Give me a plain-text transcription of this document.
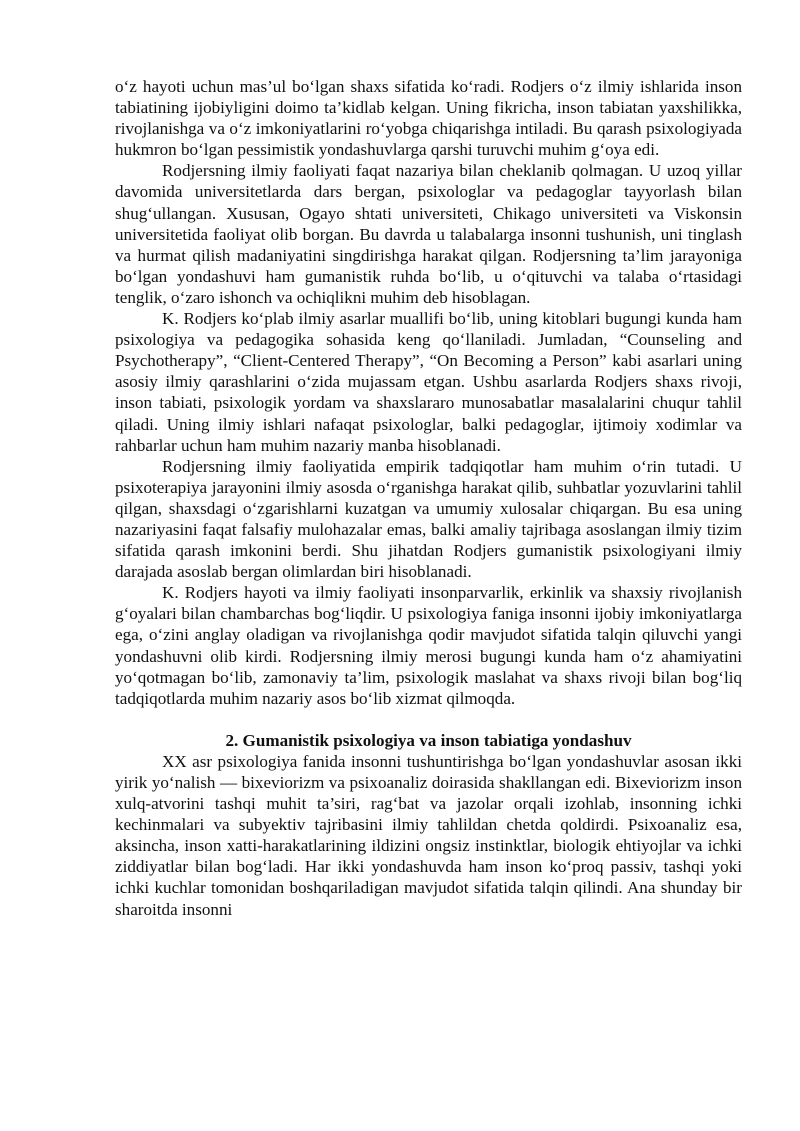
o‘z hayoti uchun mas’ul bo‘lgan shaxs sifatida ko‘radi. Rodjers o‘z ilmiy ishlarida inson tabiatining ijobiyligini doimo ta’kidlab kelgan. Uning fikricha, inson tabiatan yaxshilikka, rivojlanishga va o‘z imkoniyatlarini ro‘yobga chiqarishga intiladi. Bu qarash psixologiyada hukmron bo‘lgan pessimistik yondashuvlarga qarshi turuvchi muhim g‘oya edi.

Rodjersning ilmiy faoliyati faqat nazariya bilan cheklanib qolmagan. U uzoq yillar davomida universitetlarda dars bergan, psixologlar va pedagoglar tayyorlash bilan shug‘ullangan. Xususan, Ogayo shtati universiteti, Chikago universiteti va Viskonsin universitetida faoliyat olib borgan. Bu davrda u talabalarga insonni tushunish, uni tinglash va hurmat qilish madaniyatini singdirishga harakat qilgan. Rodjersning ta’lim jarayoniga bo‘lgan yondashuvi ham gumanistik ruhda bo‘lib, u o‘qituvchi va talaba o‘rtasidagi tenglik, o‘zaro ishonch va ochiqlikni muhim deb hisoblagan.

K. Rodjers ko‘plab ilmiy asarlar muallifi bo‘lib, uning kitoblari bugungi kunda ham psixologiya va pedagogika sohasida keng qo‘llaniladi. Jumladan, “Counseling and Psychotherapy”, “Client-Centered Therapy”, “On Becoming a Person” kabi asarlari uning asosiy ilmiy qarashlarini o‘zida mujassam etgan. Ushbu asarlarda Rodjers shaxs rivoji, inson tabiati, psixologik yordam va shaxslararo munosabatlar masalalarini chuqur tahlil qiladi. Uning ilmiy ishlari nafaqat psixologlar, balki pedagoglar, ijtimoiy xodimlar va rahbarlar uchun ham muhim nazariy manba hisoblanadi.

Rodjersning ilmiy faoliyatida empirik tadqiqotlar ham muhim o‘rin tutadi. U psixoterapiya jarayonini ilmiy asosda o‘rganishga harakat qilib, suhbatlar yozuvlarini tahlil qilgan, shaxsdagi o‘zgarishlarni kuzatgan va umumiy xulosalar chiqargan. Bu esa uning nazariyasini faqat falsafiy mulohazalar emas, balki amaliy tajribaga asoslangan ilmiy tizim sifatida qarash imkonini berdi. Shu jihatdan Rodjers gumanistik psixologiyani ilmiy darajada asoslab bergan olimlardan biri hisoblanadi.

K. Rodjers hayoti va ilmiy faoliyati insonparvarlik, erkinlik va shaxsiy rivojlanish g‘oyalari bilan chambarchas bog‘liqdir. U psixologiya faniga insonni ijobiy imkoniyatlarga ega, o‘zini anglay oladigan va rivojlanishga qodir mavjudot sifatida talqin qiluvchi yangi yondashuvni olib kirdi. Rodjersning ilmiy merosi bugungi kunda ham o‘z ahamiyatini yo‘qotmagan bo‘lib, zamonaviy ta’lim, psixologik maslahat va shaxs rivoji bilan bog‘liq tadqiqotlarda muhim nazariy asos bo‘lib xizmat qilmoqda.

2. Gumanistik psixologiya va inson tabiatiga yondashuv

XX asr psixologiya fanida insonni tushuntirishga bo‘lgan yondashuvlar asosan ikki yirik yo‘nalish — bixeviorizm va psixoanaliz doirasida shakllangan edi. Bixeviorizm inson xulq-atvorini tashqi muhit ta’siri, rag‘bat va jazolar orqali izohlab, insonning ichki kechinmalari va subyektiv tajribasini ilmiy tahlildan chetda qoldirdi. Psixoanaliz esa, aksincha, inson xatti-harakatlarining ildizini ongsiz instinktlar, biologik ehtiyojlar va ichki ziddiyatlar bilan bog‘ladi. Har ikki yondashuvda ham inson ko‘proq passiv, tashqi yoki ichki kuchlar tomonidan boshqariladigan mavjudot sifatida talqin qilindi. Ana shunday bir sharoitda insonni
